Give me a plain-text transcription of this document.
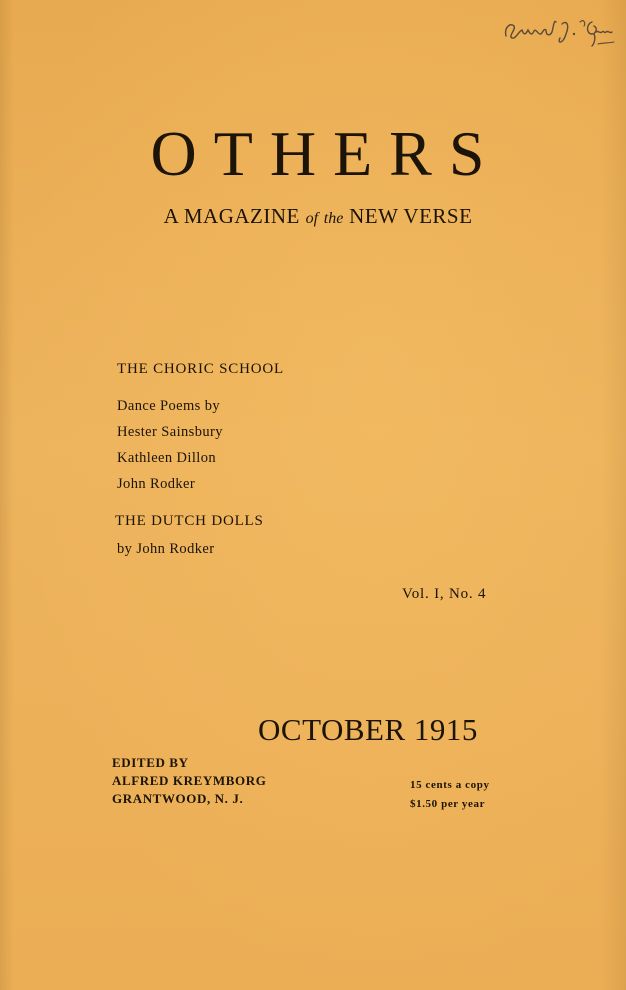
OTHERS
A MAGAZINE of the NEW VERSE
THE CHORIC SCHOOL
Dance Poems by
Hester Sainsbury
Kathleen Dillon
John Rodker
THE DUTCH DOLLS
by John Rodker
Vol. I, No. 4
OCTOBER 1915
EDITED BY
ALFRED KREYMBORG
GRANTWOOD, N. J.
15 cents a copy
$1.50 per year
